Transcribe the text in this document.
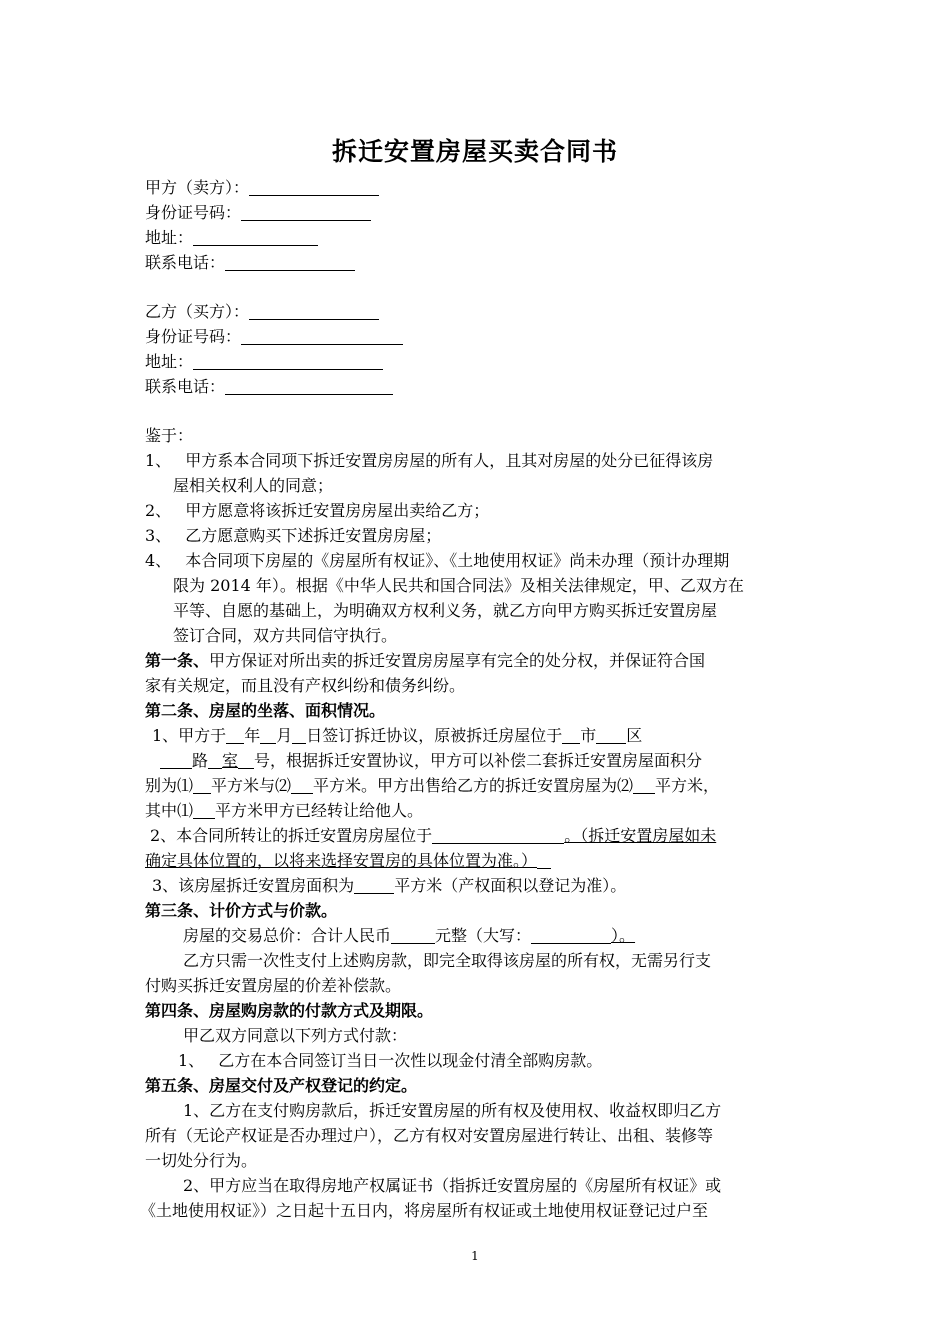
拆迁安置房屋买卖合同书
甲方（卖方）：
身份证号码：
地址：
联系电话：
乙方（买方）：
身份证号码：
地址：
联系电话：
鉴于：
1、 甲方系本合同项下拆迁安置房房屋的所有人，且其对房屋的处分已征得该房
屋相关权利人的同意；
2、 甲方愿意将该拆迁安置房房屋出卖给乙方；
3、 乙方愿意购买下述拆迁安置房房屋；
4、 本合同项下房屋的《房屋所有权证》、《土地使用权证》尚未办理（预计办理期
限为 2014 年）。根据《中华人民共和国合同法》及相关法律规定，甲、乙双方在
平等、自愿的基础上，为明确双方权利义务，就乙方向甲方购买拆迁安置房屋
签订合同，双方共同信守执行。
第一条、甲方保证对所出卖的拆迁安置房房屋享有完全的处分权，并保证符合国
家有关规定，而且没有产权纠纷和债务纠纷。
第二条、房屋的坐落、面积情况。
1、甲方于 年 月 日签订拆迁协议，原被拆迁房屋位于 市 区
路 室 号，根据拆迁安置协议，甲方可以补偿二套拆迁安置房屋面积分
别为⑴ 平方米与⑵ 平方米。甲方出售给乙方的拆迁安置房屋为⑵ 平方米，
其中⑴ 平方米甲方已经转让给他人。
2、本合同所转让的拆迁安置房房屋位于	。（拆迁安置房屋如未
确定具体位置的，以将来选择安置房的具体位置为准。）
3、该房屋拆迁安置房面积为	平方米（产权面积以登记为准）。
第三条、计价方式与价款。
房屋的交易总价：合计人民币	元整（大写：	）。
乙方只需一次性支付上述购房款，即完全取得该房屋的所有权，无需另行支
付购买拆迁安置房屋的价差补偿款。
第四条、房屋购房款的付款方式及期限。
甲乙双方同意以下列方式付款：
1、 乙方在本合同签订当日一次性以现金付清全部购房款。
第五条、房屋交付及产权登记的约定。
1、乙方在支付购房款后，拆迁安置房屋的所有权及使用权、收益权即归乙方
所有（无论产权证是否办理过户），乙方有权对安置房屋进行转让、出租、装修等
一切处分行为。
2、甲方应当在取得房地产权属证书（指拆迁安置房屋的《房屋所有权证》或
《土地使用权证》）之日起十五日内，将房屋所有权证或土地使用权证登记过户至
1
